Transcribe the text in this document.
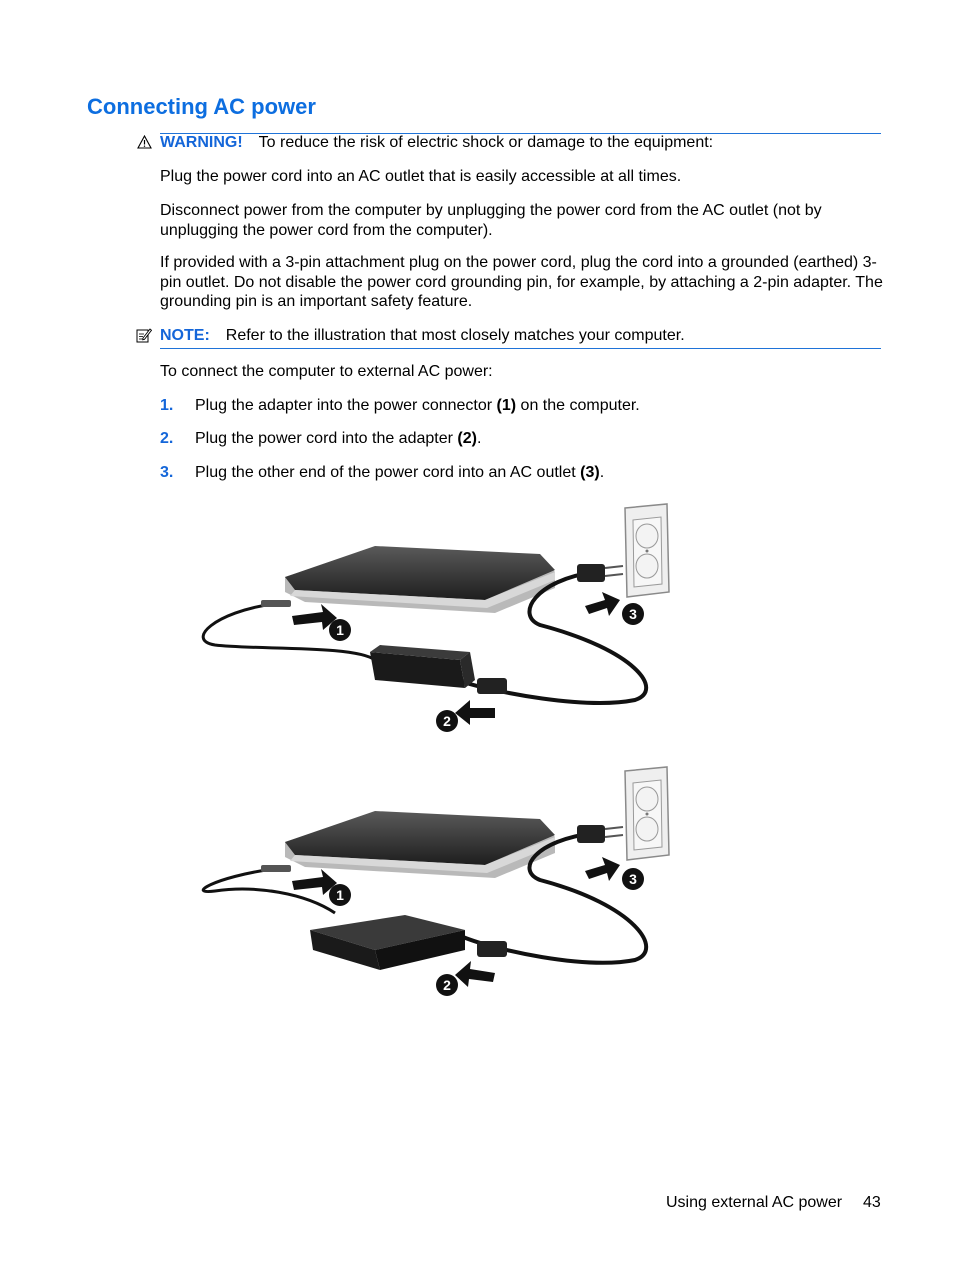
Connecting AC power
WARNING! To reduce the risk of electric shock or damage to the equipment:

Plug the power cord into an AC outlet that is easily accessible at all times.

Disconnect power from the computer by unplugging the power cord from the AC outlet (not by unplugging the power cord from the computer).

If provided with a 3-pin attachment plug on the power cord, plug the cord into a grounded (earthed) 3-pin outlet. Do not disable the power cord grounding pin, for example, by attaching a 2-pin adapter. The grounding pin is an important safety feature.

NOTE: Refer to the illustration that most closely matches your computer.

To connect the computer to external AC power:

1. Plug the adapter into the power connector (1) on the computer.
2. Plug the power cord into the adapter (2).
3. Plug the other end of the power cord into an AC outlet (3).
1
2
3
1
2
3
Using external AC power 43
